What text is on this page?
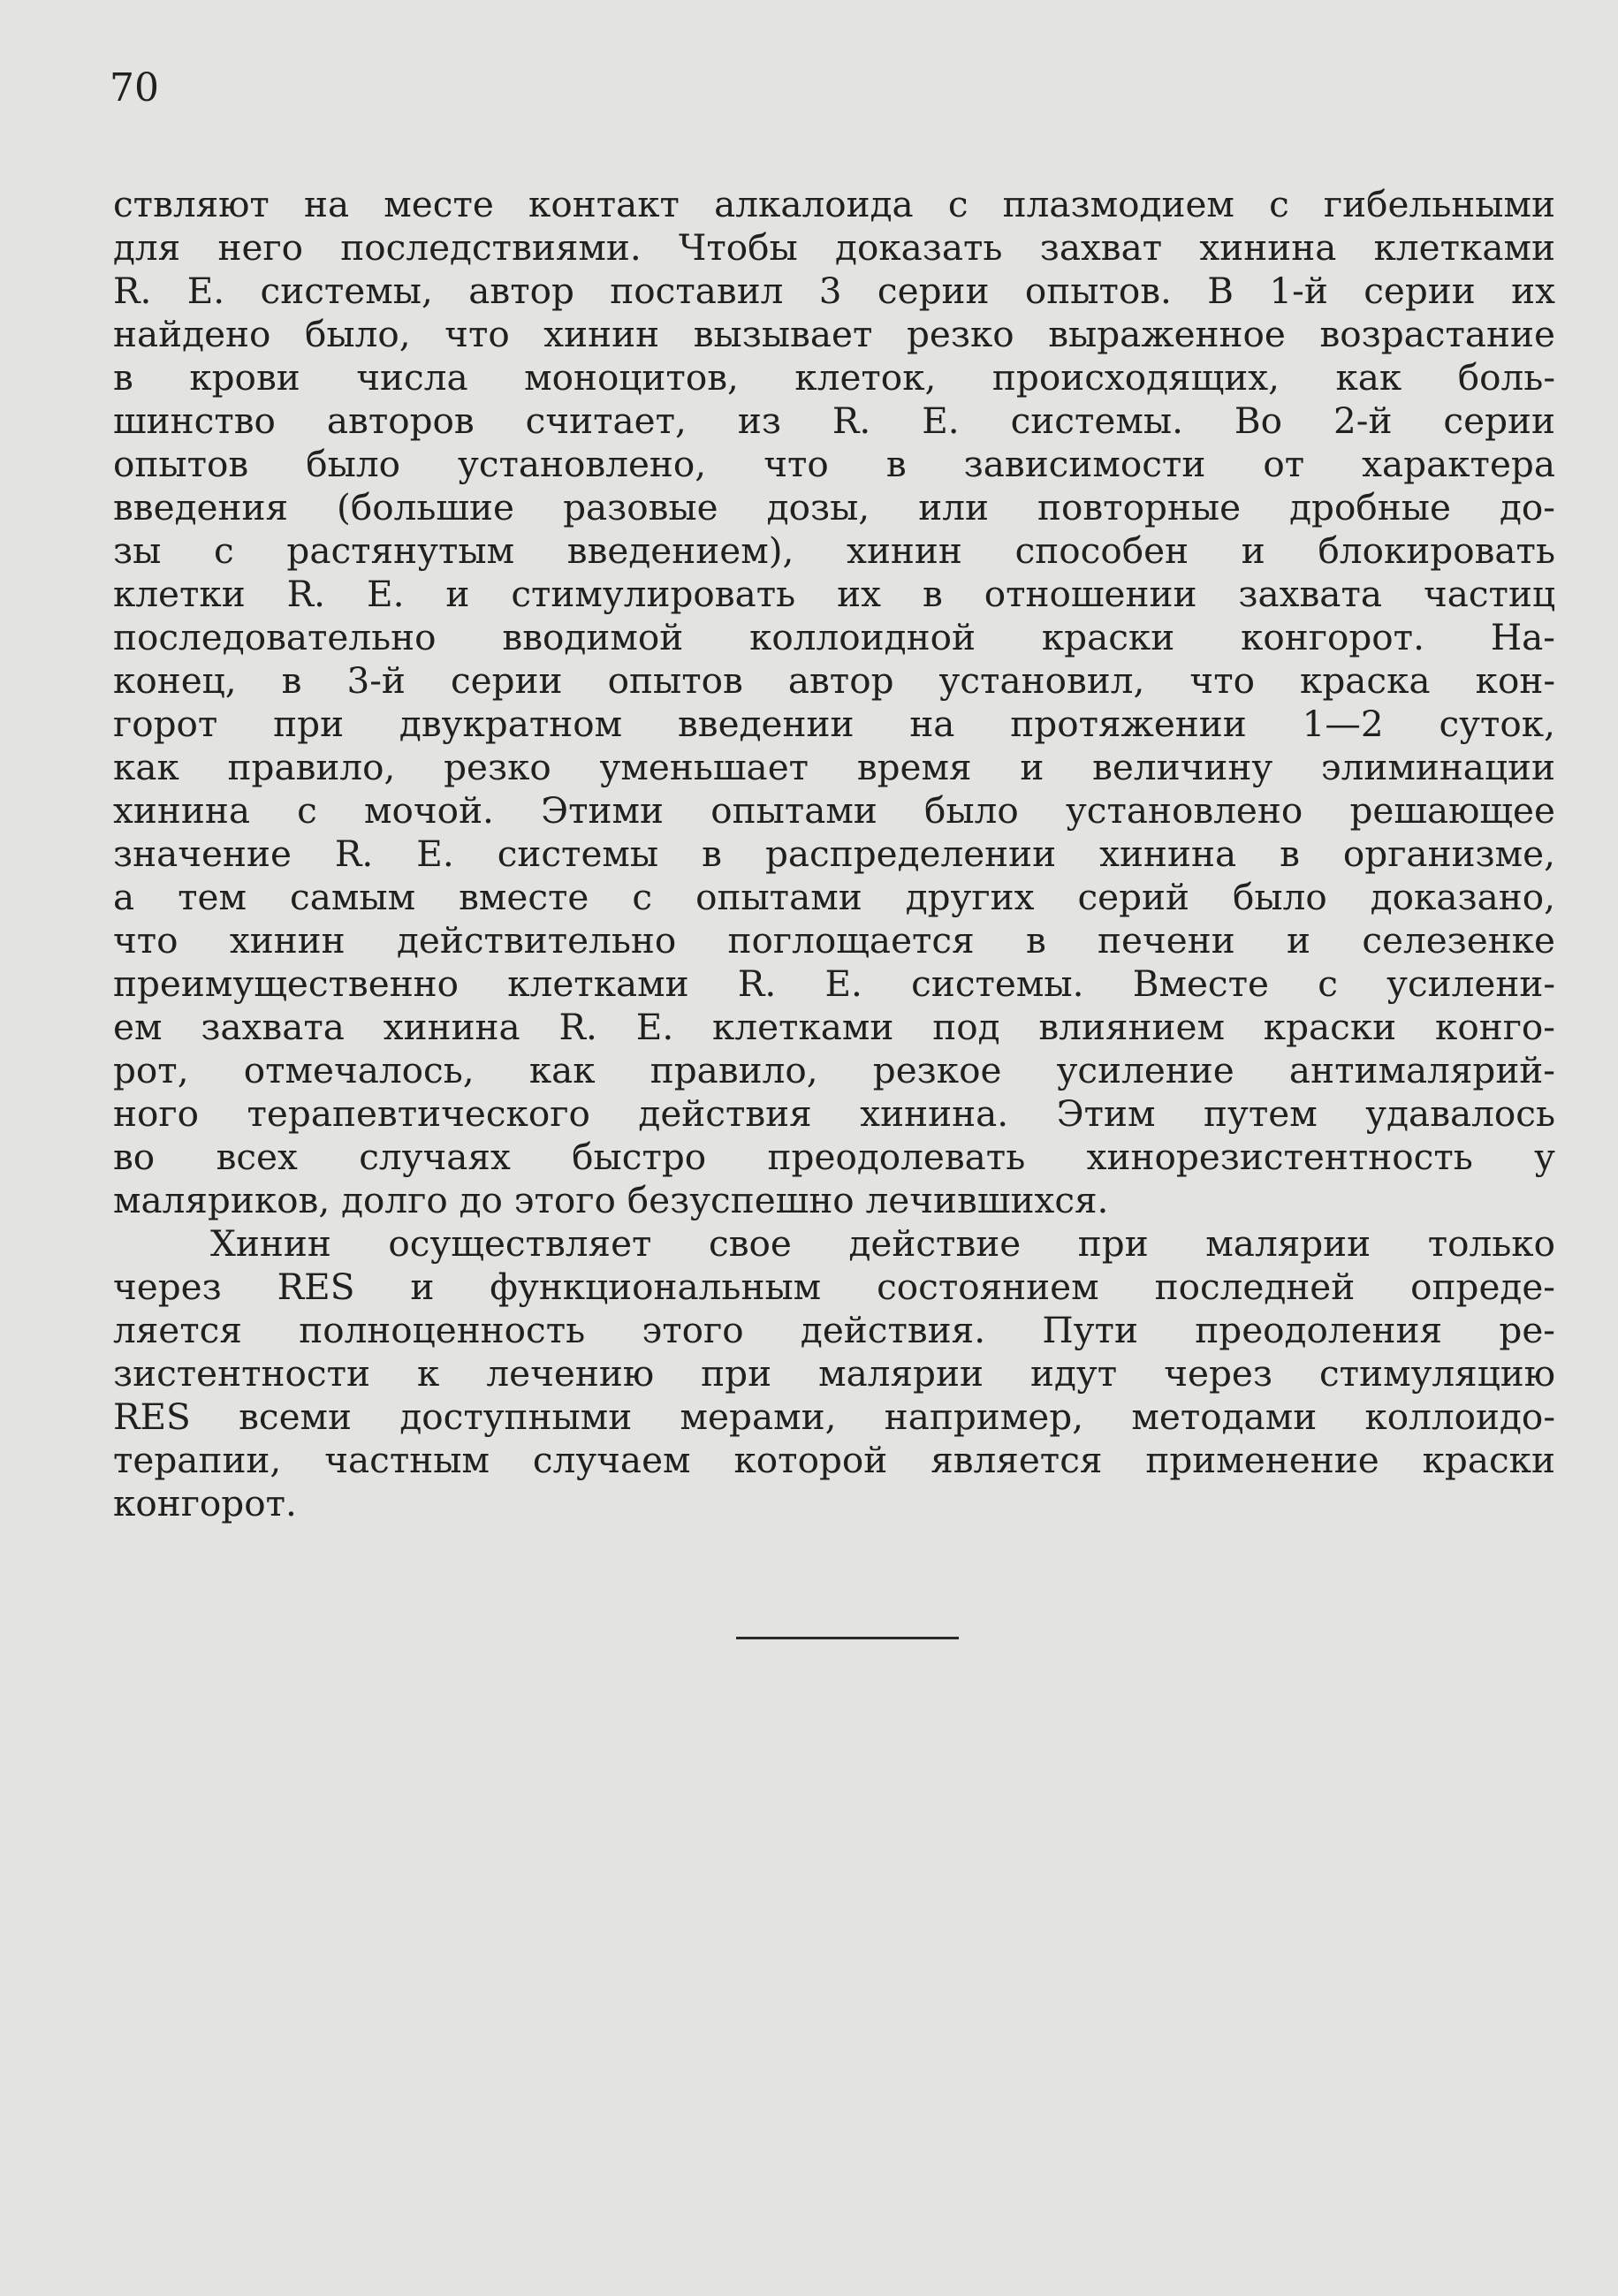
70
ствляют на месте контакт алкалоида с плазмодием с гибельными
для него последствиями. Чтобы доказать захват хинина клетками
R. E. системы, автор поставил 3 серии опытов. В 1-й серии их
найдено было, что хинин вызывает резко выраженное возрастание
в крови числа моноцитов, клеток, происходящих, как боль-
шинство авторов считает, из R. E. системы. Во 2-й серии
опытов было установлено, что в зависимости от характера
введения (большие разовые дозы, или повторные дробные до-
зы с растянутым введением), хинин способен и блокировать
клетки R. E. и стимулировать их в отношении захвата частиц
последовательно вводимой коллоидной краски конгорот. На-
конец, в 3-й серии опытов автор установил, что краска кон-
горот при двукратном введении на протяжении 1—2 суток,
как правило, резко уменьшает время и величину элиминации
хинина с мочой. Этими опытами было установлено решающее
значение R. E. системы в распределении хинина в организме,
а тем самым вместе с опытами других серий было доказано,
что хинин действительно поглощается в печени и селезенке
преимущественно клетками R. E. системы. Вместе с усилени-
ем захвата хинина R. E. клетками под влиянием краски конго-
рот, отмечалось, как правило, резкое усиление антималярий-
ного терапевтического действия хинина. Этим путем удавалось
во всех случаях быстро преодолевать хинорезистентность у
маляриков, долго до этого безуспешно лечившихся.
Хинин осуществляет свое действие при малярии только
через RES и функциональным состоянием последней опреде-
ляется полноценность этого действия. Пути преодоления ре-
зистентности к лечению при малярии идут через стимуляцию
RES всеми доступными мерами, например, методами коллоидо-
терапии, частным случаем которой является применение краски
конгорот.
